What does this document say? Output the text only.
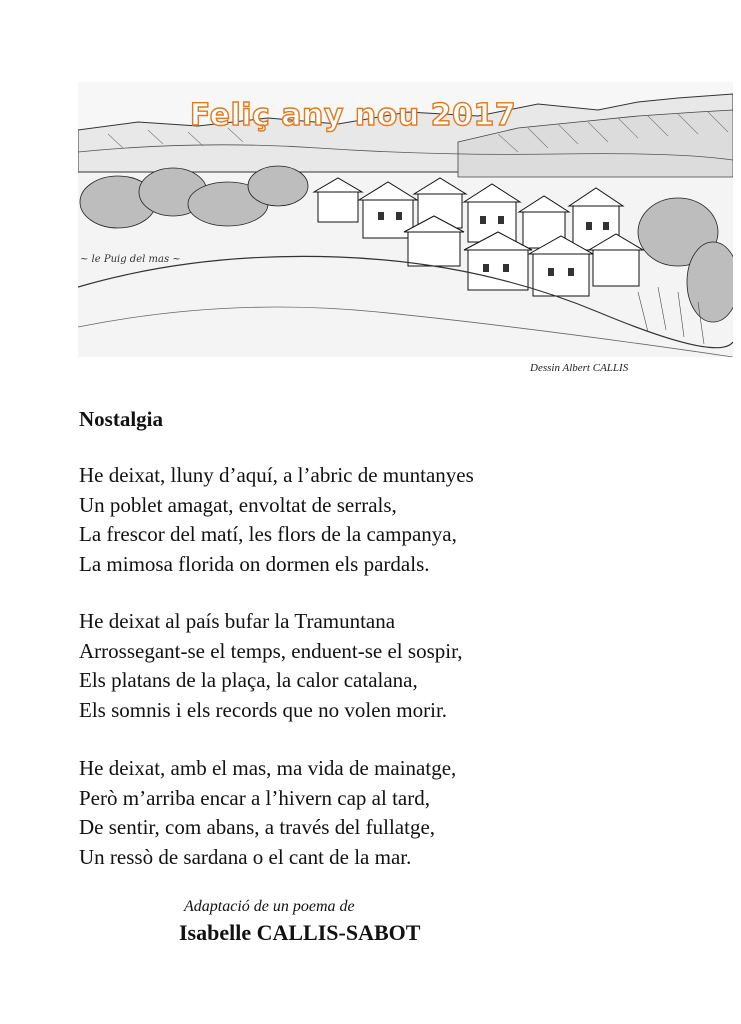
Feliç any nou 2017
~ le Puig del mas ~
Dessin Albert CALLIS
Nostalgia
He deixat, lluny d’aquí, a l’abric de muntanyes
Un poblet amagat, envoltat de serrals,
La frescor del matí, les flors de la campanya,
La mimosa florida on dormen els pardals.
He deixat al país bufar la Tramuntana
Arrossegant-se el temps, enduent-se el sospir,
Els platans de la plaça, la calor catalana,
Els somnis i els records que no volen morir.
He deixat, amb el mas, ma vida de mainatge,
Però m’arriba encar a l’hivern cap al tard,
De sentir, com abans, a través del fullatge,
Un ressò de sardana o el cant de la mar.
Adaptació de un poema de
Isabelle CALLIS-SABOT
